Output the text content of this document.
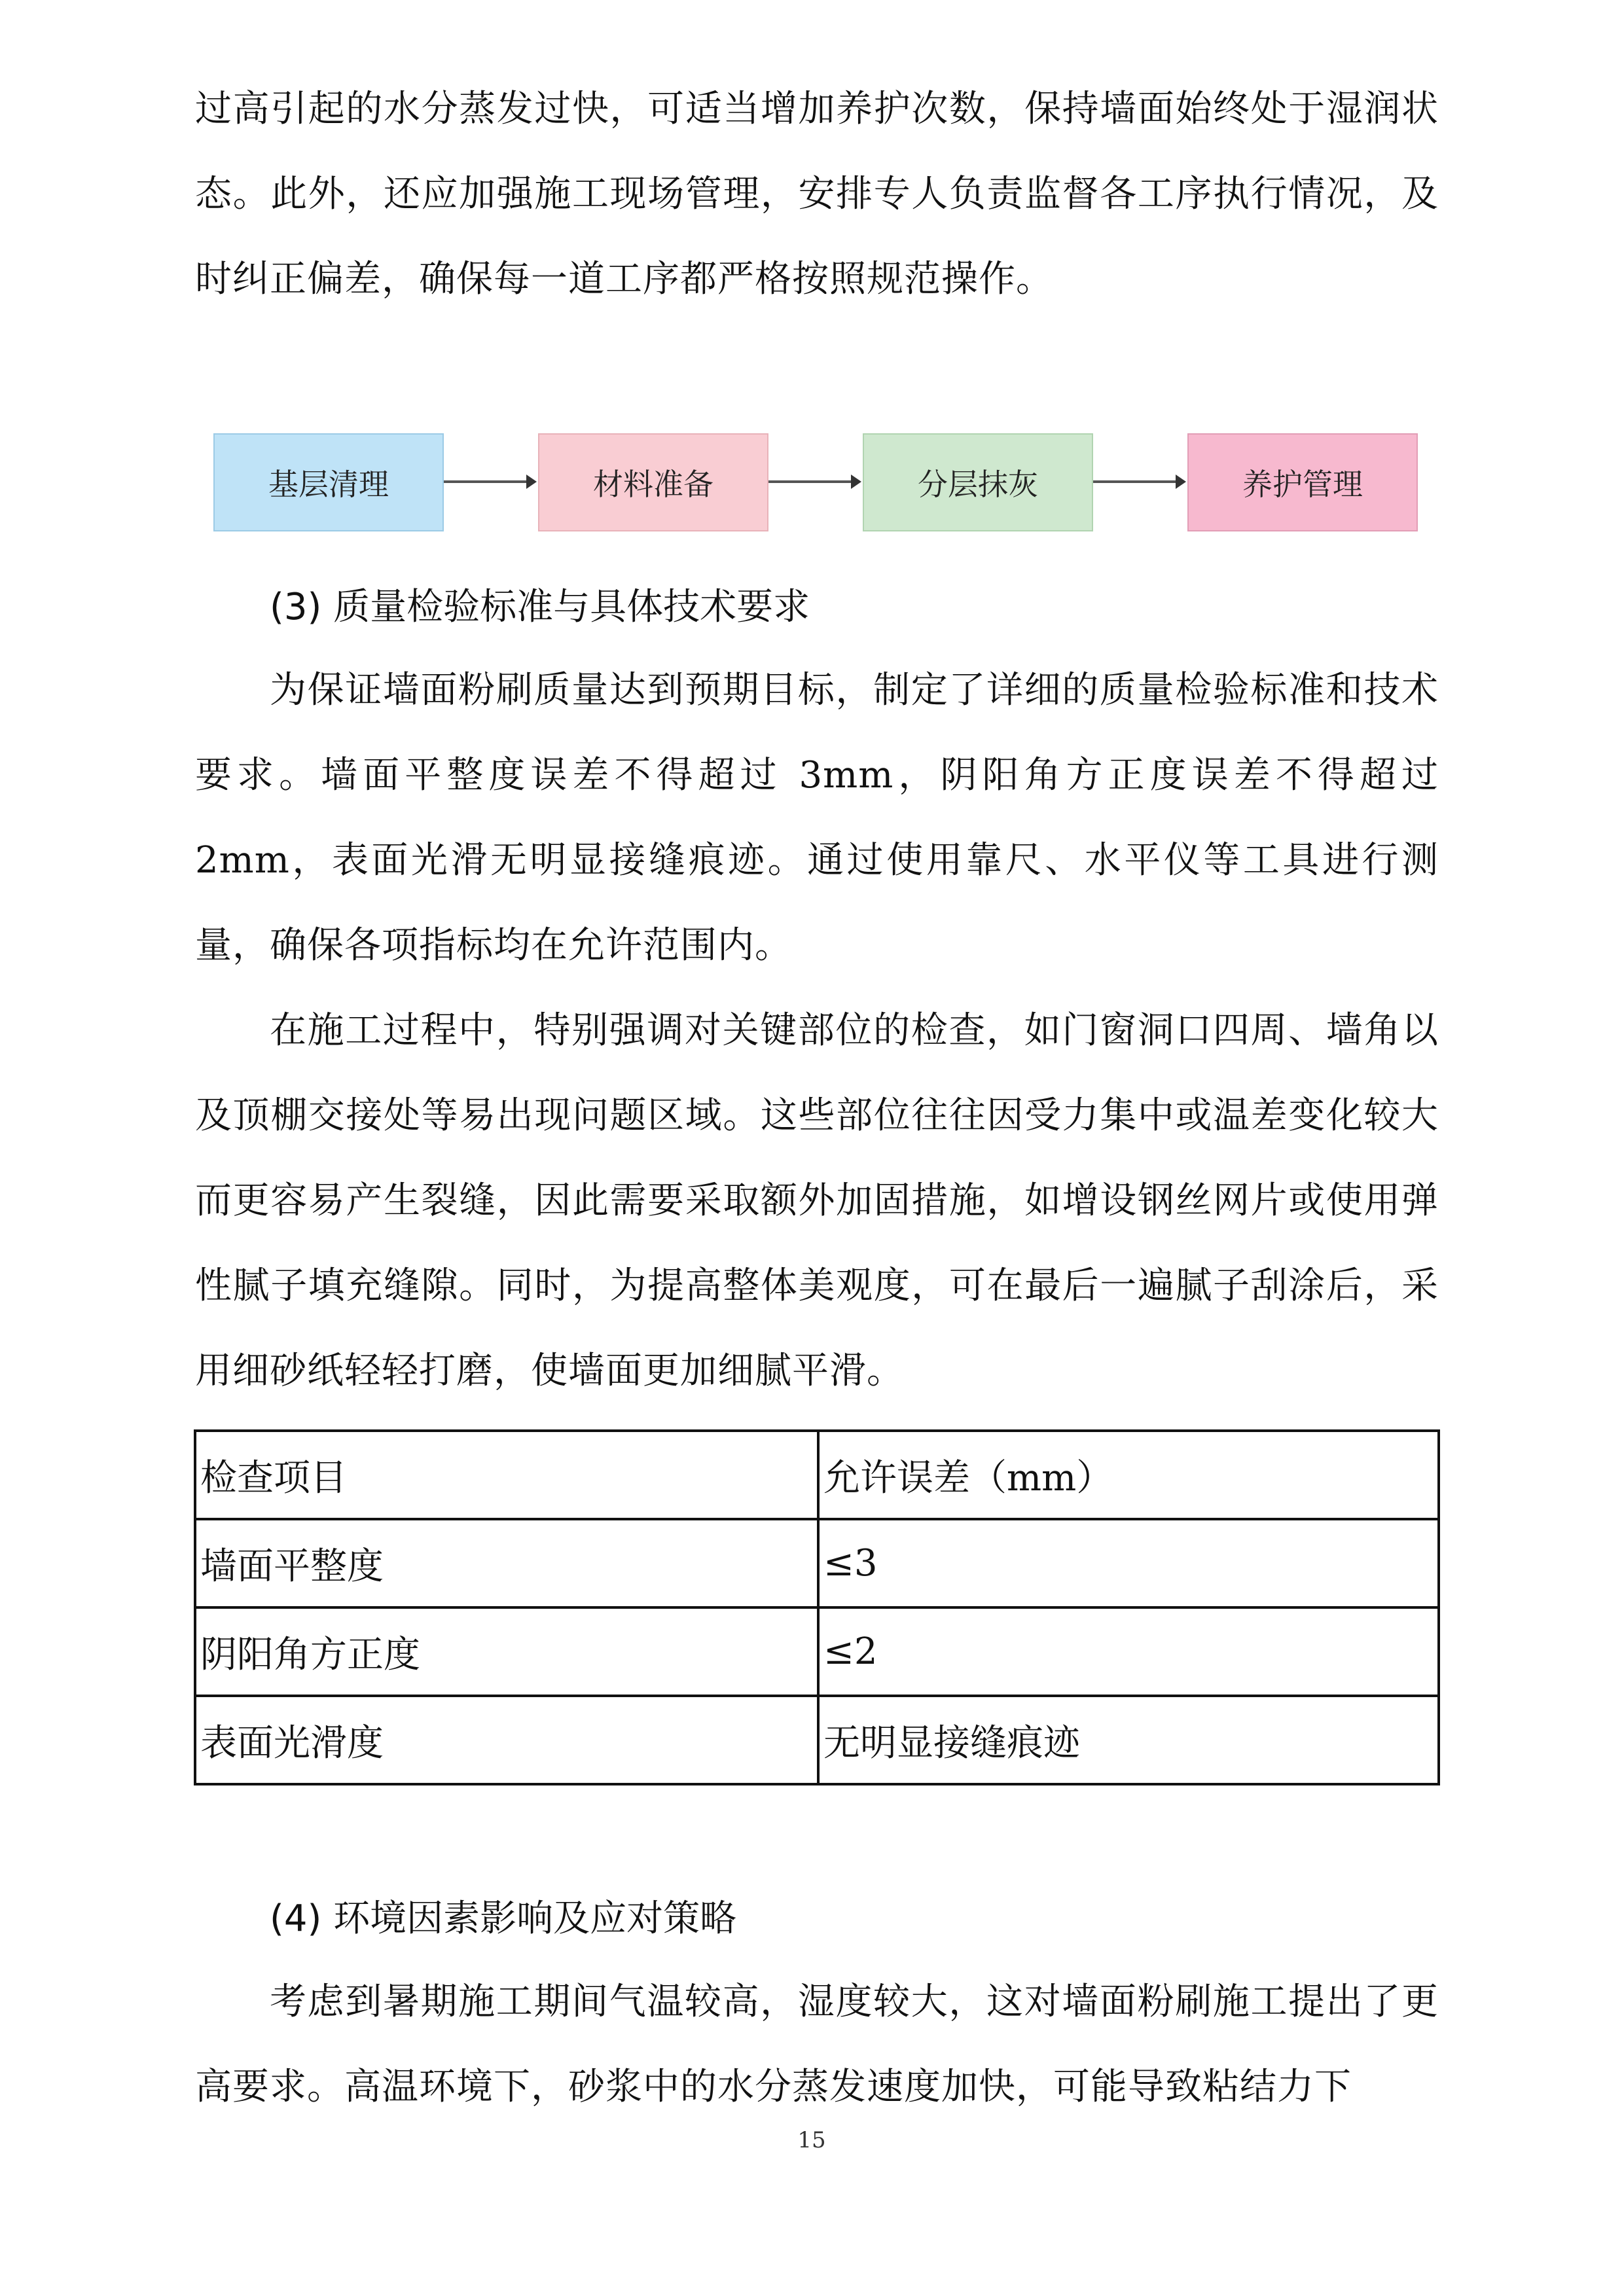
过高引起的水分蒸发过快，可适当增加养护次数，保持墙面始终处于湿润状态。此外，还应加强施工现场管理，安排专人负责监督各工序执行情况，及时纠正偏差，确保每一道工序都严格按照规范操作。

基层清理	材料准备	分层抹灰	养护管理

(3) 质量检验标准与具体技术要求

为保证墙面粉刷质量达到预期目标，制定了详细的质量检验标准和技术要求。墙面平整度误差不得超过 3mm，阴阳角方正度误差不得超过 2mm，表面光滑无明显接缝痕迹。通过使用靠尺、水平仪等工具进行测量，确保各项指标均在允许范围内。

在施工过程中，特别强调对关键部位的检查，如门窗洞口四周、墙角以及顶棚交接处等易出现问题区域。这些部位往往因受力集中或温差变化较大而更容易产生裂缝，因此需要采取额外加固措施，如增设钢丝网片或使用弹性腻子填充缝隙。同时，为提高整体美观度，可在最后一遍腻子刮涂后，采用细砂纸轻轻打磨，使墙面更加细腻平滑。

检查项目	允许误差（mm）
墙面平整度	≤3
阴阳角方正度	≤2
表面光滑度	无明显接缝痕迹

(4) 环境因素影响及应对策略

考虑到暑期施工期间气温较高，湿度较大，这对墙面粉刷施工提出了更高要求。高温环境下，砂浆中的水分蒸发速度加快，可能导致粘结力下

15
